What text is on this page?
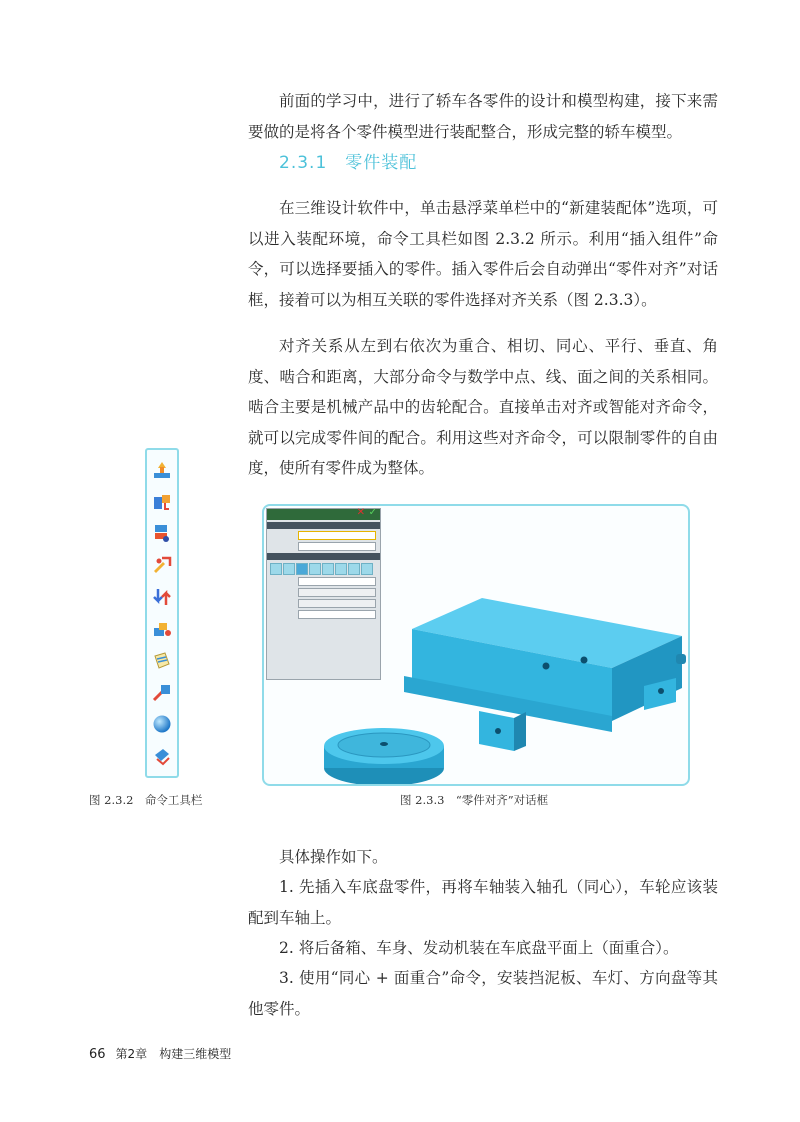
前面的学习中，进行了轿车各零件的设计和模型构建，接下来需要做的是将各个零件模型进行装配整合，形成完整的轿车模型。

2.3.1 零件装配

在三维设计软件中，单击悬浮菜单栏中的“新建装配体”选项，可以进入装配环境，命令工具栏如图 2.3.2 所示。利用“插入组件”命令，可以选择要插入的零件。插入零件后会自动弹出“零件对齐”对话框，接着可以为相互关联的零件选择对齐关系（图 2.3.3）。

对齐关系从左到右依次为重合、相切、同心、平行、垂直、角度、啮合和距离，大部分命令与数学中点、线、面之间的关系相同。啮合主要是机械产品中的齿轮配合。直接单击对齐或智能对齐命令，就可以完成零件间的配合。利用这些对齐命令，可以限制零件的自由度，使所有零件成为整体。

✕ ✓
图 2.3.2　命令工具栏	图 2.3.3　“零件对齐”对话框

具体操作如下。

1. 先插入车底盘零件，再将车轴装入轴孔（同心），车轮应该装配到车轴上。

2. 将后备箱、车身、发动机装在车底盘平面上（面重合）。

3. 使用“同心 + 面重合”命令，安装挡泥板、车灯、方向盘等其他零件。

66 第2章 构建三维模型
